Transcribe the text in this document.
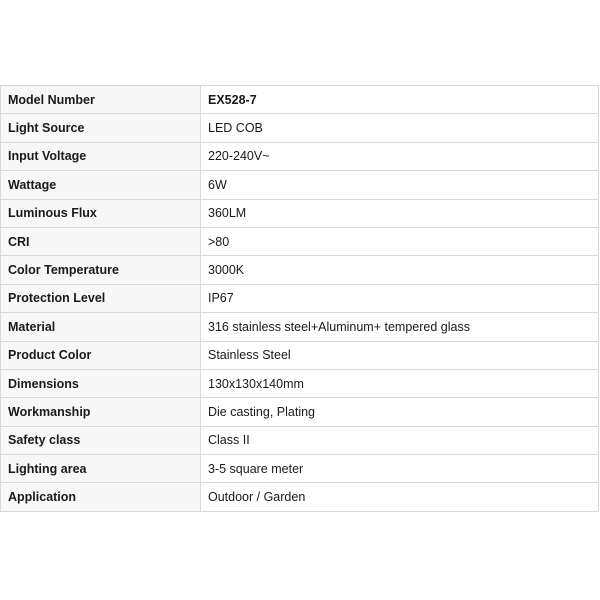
Model Number	EX528-7
Light Source	LED COB
Input Voltage	220-240V~
Wattage	6W
Luminous Flux	360LM
CRI	>80
Color Temperature	3000K
Protection Level	IP67
Material	316 stainless steel+Aluminum+ tempered glass
Product Color	Stainless Steel
Dimensions	130x130x140mm
Workmanship	Die casting, Plating
Safety class	Class II
Lighting area	3-5 square meter
Application	Outdoor / Garden
